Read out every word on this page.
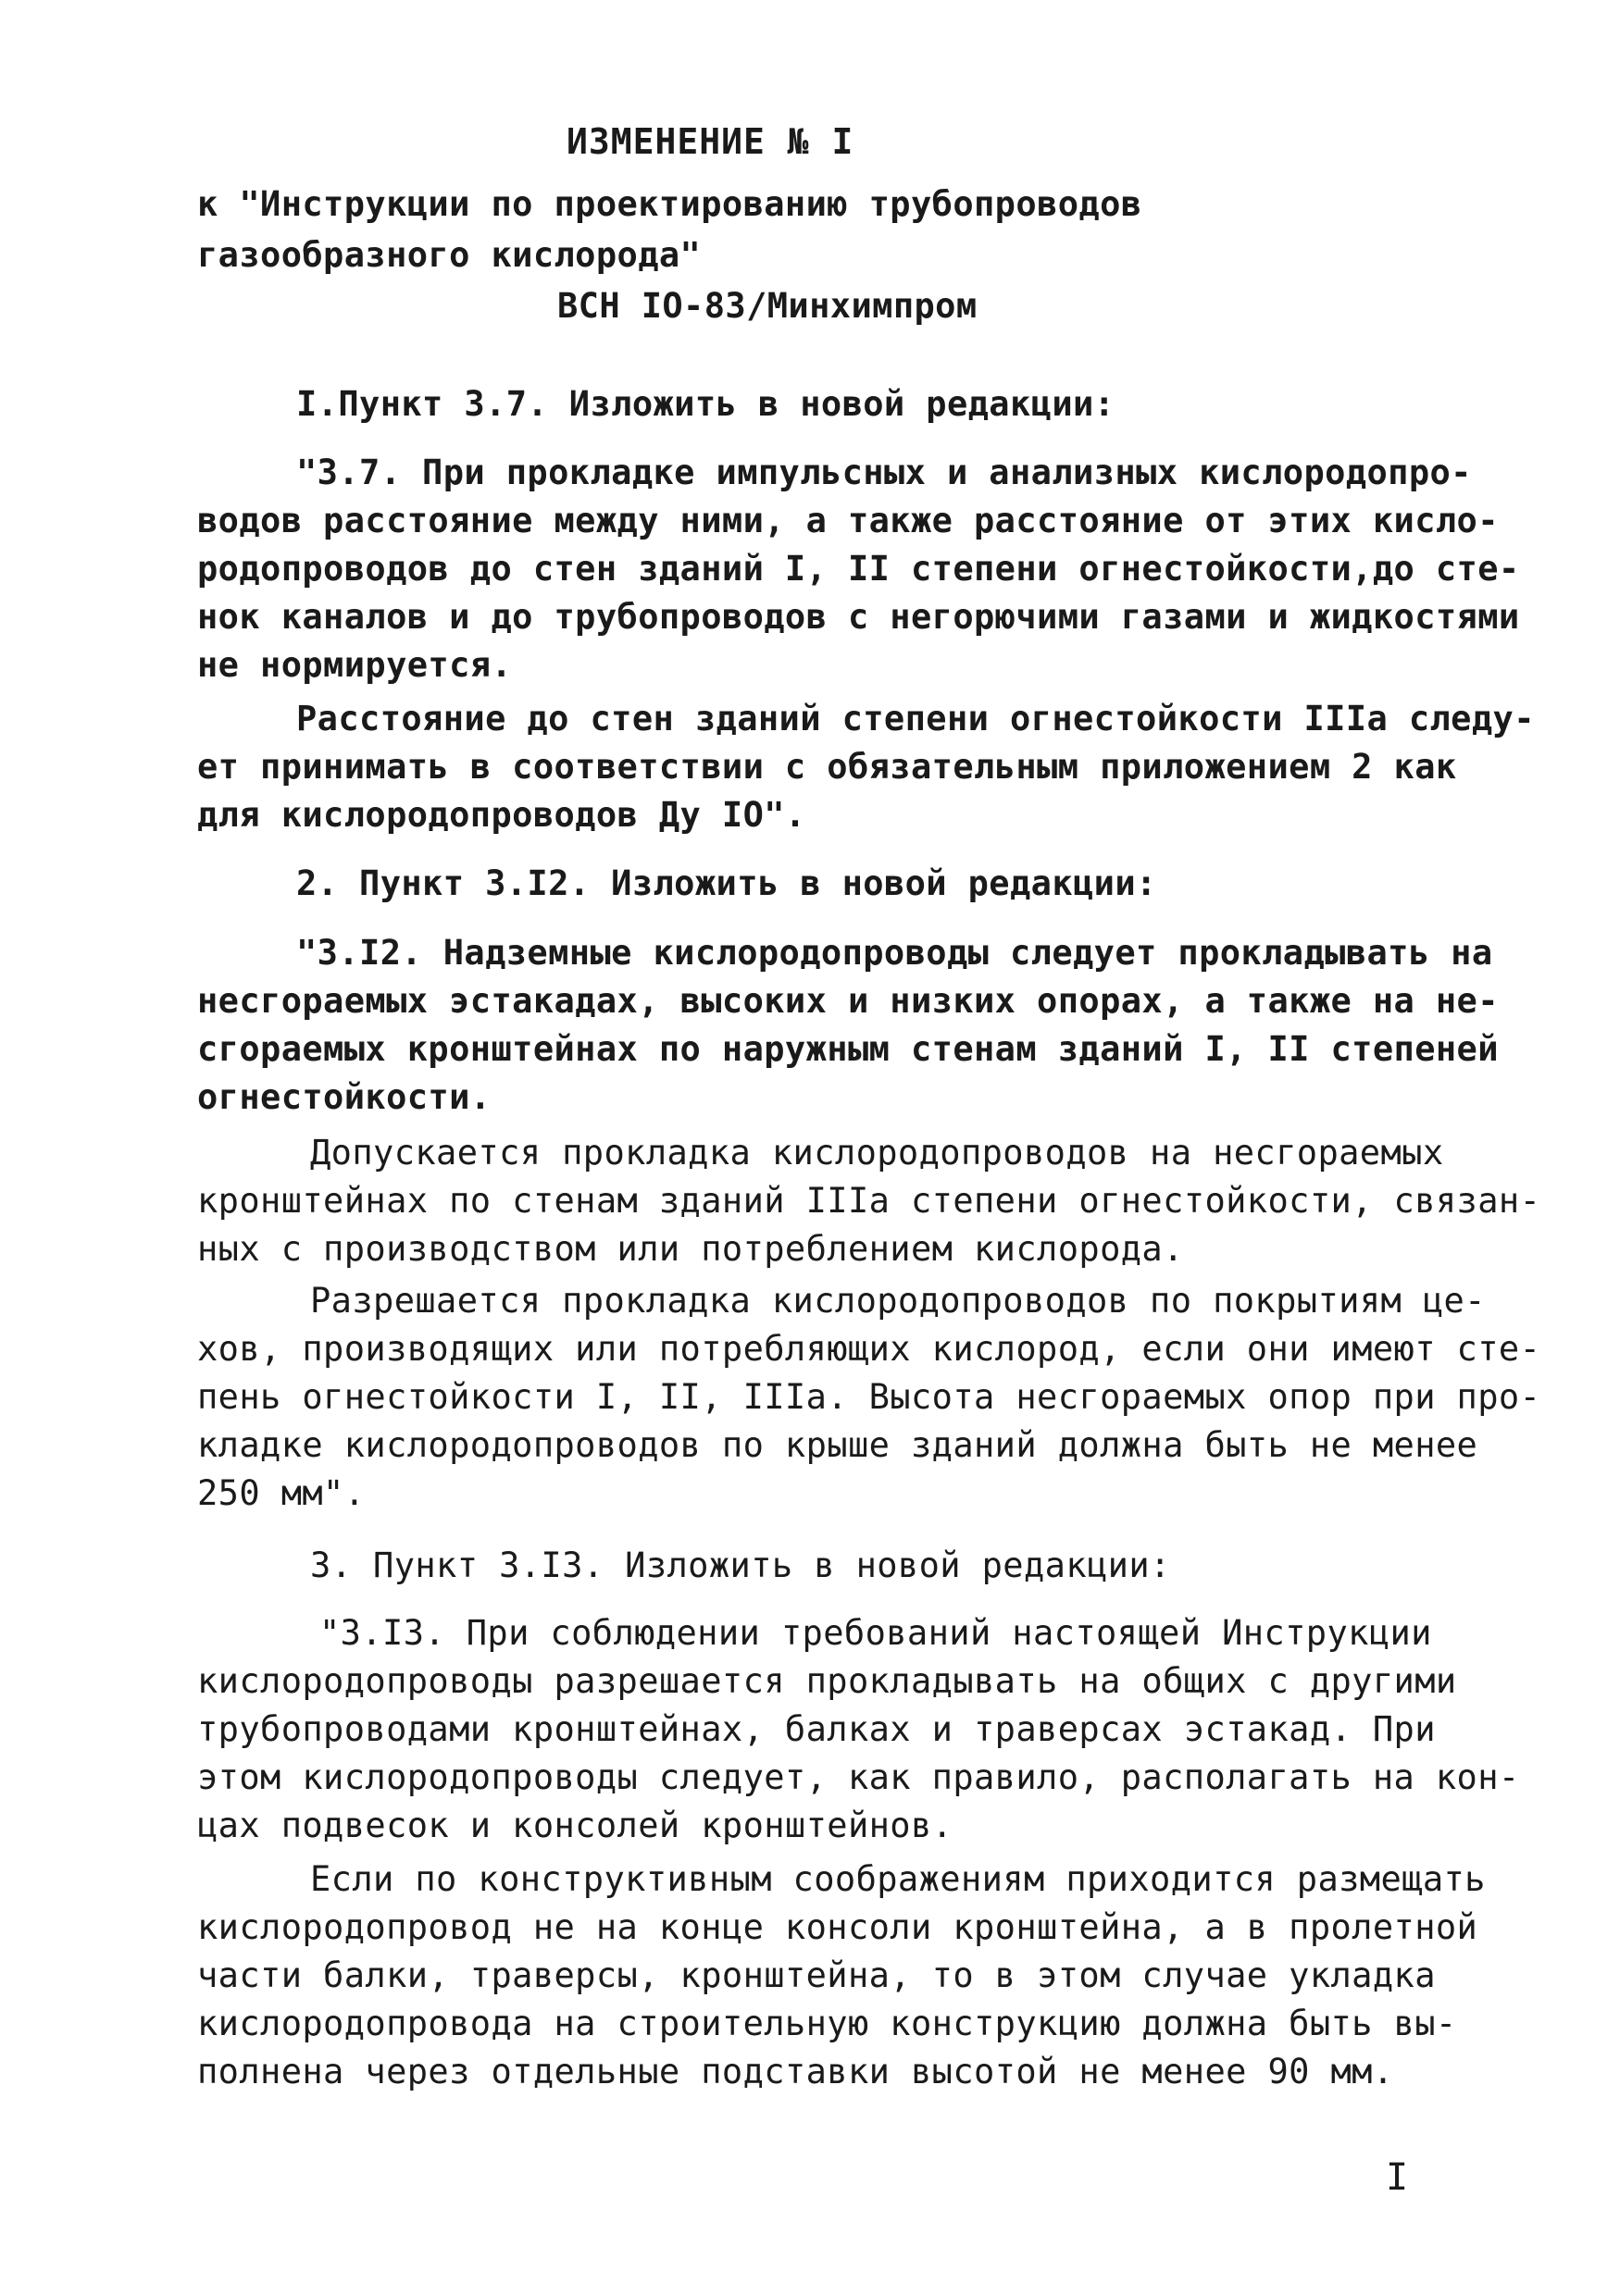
ИЗМЕНЕНИЕ № I
к "Инструкции по проектированию трубопроводов
газообразного кислорода"
ВСН IO-83/Минхимпром
I.Пункт 3.7. Изложить в новой редакции:
"3.7. При прокладке импульсных и анализных кислородопро-
водов расстояние между ними, а также расстояние от этих кисло-
родопроводов до стен зданий I, II степени огнестойкости,до сте-
нок каналов и до трубопроводов с негорючими газами и жидкостями
не нормируется.
Расстояние до стен зданий степени огнестойкости IIIа следу-
ет принимать в соответствии с обязательным приложением 2 как
для кислородопроводов Ду IO".
2. Пункт 3.I2. Изложить в новой редакции:
"3.I2. Надземные кислородопроводы следует прокладывать на
несгораемых эстакадах, высоких и низких опорах, а также на не-
сгораемых кронштейнах по наружным стенам зданий I, II степеней
огнестойкости.
Допускается прокладка кислородопроводов на несгораемых
кронштейнах по стенам зданий IIIа степени огнестойкости, связан-
ных с производством или потреблением кислорода.
Разрешается прокладка кислородопроводов по покрытиям це-
хов, производящих или потребляющих кислород, если они имеют сте-
пень огнестойкости I, II, IIIа. Высота несгораемых опор при про-
кладке кислородопроводов по крыше зданий должна быть не менее
250 мм".
3. Пункт 3.I3. Изложить в новой редакции:
"3.I3. При соблюдении требований настоящей Инструкции
кислородопроводы разрешается прокладывать на общих с другими
трубопроводами кронштейнах, балках и траверсах эстакад. При
этом кислородопроводы следует, как правило, располагать на кон-
цах подвесок и консолей кронштейнов.
Если по конструктивным соображениям приходится размещать
кислородопровод не на конце консоли кронштейна, а в пролетной
части балки, траверсы, кронштейна, то в этом случае укладка
кислородопровода на строительную конструкцию должна быть вы-
полнена через отдельные подставки высотой не менее 90 мм.
I
